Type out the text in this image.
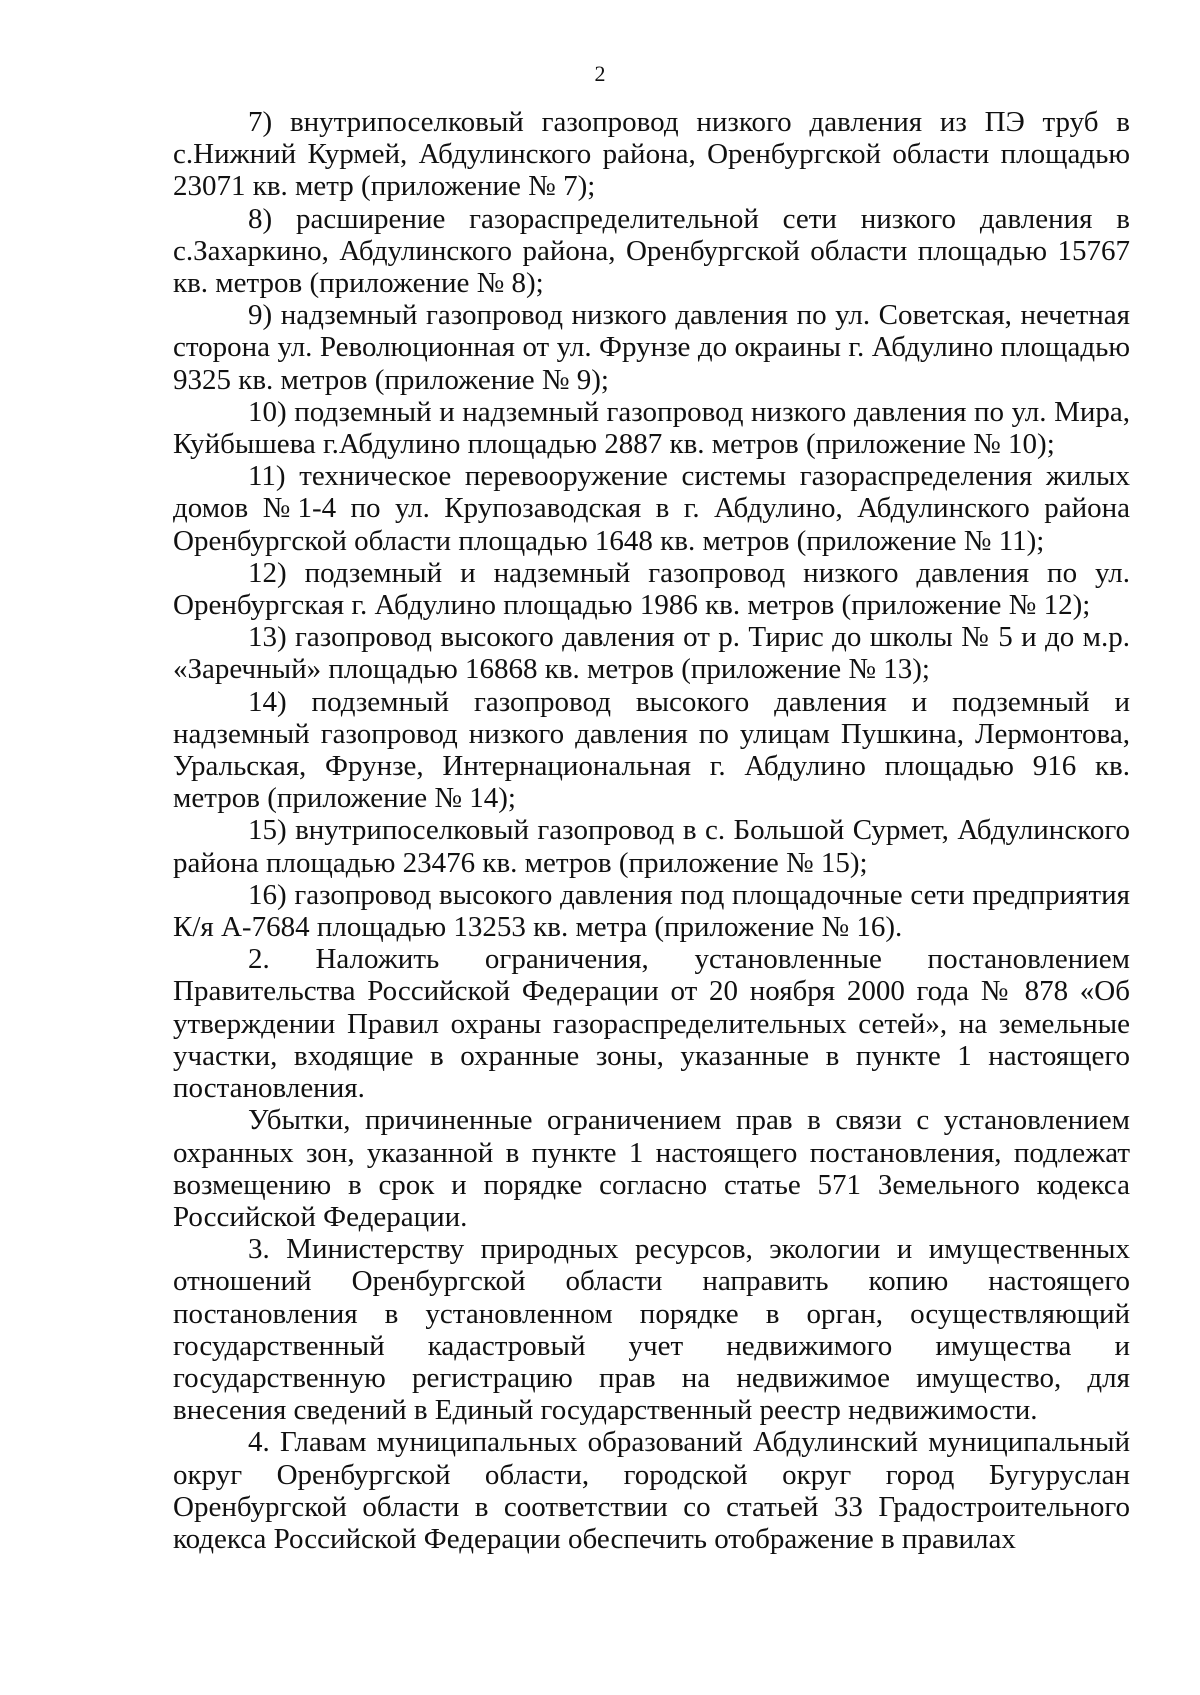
2

7) внутрипоселковый газопровод низкого давления из ПЭ труб в с.Нижний Курмей, Абдулинского района, Оренбургской области площадью 23071 кв. метр (приложение № 7);

8) расширение газораспределительной сети низкого давления в с.Захаркино, Абдулинского района, Оренбургской области площадью 15767 кв. метров (приложение № 8);

9) надземный газопровод низкого давления по ул. Советская, нечетная сторона ул. Революционная от ул. Фрунзе до окраины г. Абдулино площадью 9325 кв. метров (приложение № 9);

10) подземный и надземный газопровод низкого давления по ул. Мира, Куйбышева г.Абдулино площадью 2887 кв. метров (приложение № 10);

11) техническое перевооружение системы газораспределения жилых домов №1-4 по ул. Крупозаводская в г. Абдулино, Абдулинского района Оренбургской области площадью 1648 кв. метров (приложение № 11);

12) подземный и надземный газопровод низкого давления по ул. Оренбургская г. Абдулино площадью 1986 кв. метров (приложение № 12);

13) газопровод высокого давления от р. Тирис до школы № 5 и до м.р. «Заречный» площадью 16868 кв. метров (приложение № 13);

14) подземный газопровод высокого давления и подземный и надземный газопровод низкого давления по улицам Пушкина, Лермонтова, Уральская, Фрунзе, Интернациональная г. Абдулино площадью 916 кв. метров (приложение № 14);

15) внутрипоселковый газопровод в с. Большой Сурмет, Абдулинского района площадью 23476 кв. метров (приложение № 15);

16) газопровод высокого давления под площадочные сети предприятия К/я А-7684 площадью 13253 кв. метра (приложение № 16).

2. Наложить ограничения, установленные постановлением Правительства Российской Федерации от 20 ноября 2000 года № 878 «Об утверждении Правил охраны газораспределительных сетей», на земельные участки, входящие в охранные зоны, указанные в пункте 1 настоящего постановления.

Убытки, причиненные ограничением прав в связи с установлением охранных зон, указанной в пункте 1 настоящего постановления, подлежат возмещению в срок и порядке согласно статье 571 Земельного кодекса Российской Федерации.

3. Министерству природных ресурсов, экологии и имущественных отношений Оренбургской области направить копию настоящего постановления в установленном порядке в орган, осуществляющий государственный кадастровый учет недвижимого имущества и государственную регистрацию прав на недвижимое имущество, для внесения сведений в Единый государственный реестр недвижимости.

4. Главам муниципальных образований Абдулинский муниципальный округ Оренбургской области, городской округ город Бугуруслан Оренбургской области в соответствии со статьей 33 Градостроительного кодекса Российской Федерации обеспечить отображение в правилах
